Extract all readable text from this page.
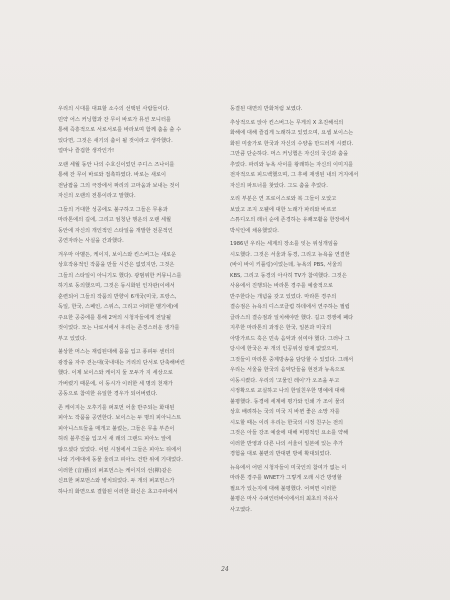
우리의 시대를 대표할 소수의 선택된 사람들이다.
민약 어스 커닝햄과 잔 무이 바로가 뮤션 모니터를
통해 즉흥적으로 서로서로를 바라보며 함께 춤을 출 수
있다면, 그것은 새기의 춤이 될 것이라고 생각했다.
얼마나 즐겁한 생각인가!
오랜 세월 동안 나의 수호신이었던 주디스 즈나이를
통해 잔 무이 바로와 접촉하였다. 바로는 새로이
전남팝을 그의 극장에서 짜리의 고마움과 보내는 것이
자신의 오랜의 전통이라고 말했다.
그들의 거대한 성공에도 불구하고 그들은 무용과
마라톤에의 길에, 그리고 엄청난 행운의 오랜 세월
동안에 자신의 개인적인 스타일을 개발한 전문적인
공연자라는 사실을 간과했다.
겨우마 아벨든, 케이지, 보이스와 킨스버그는 새로운
상호작용적인 작품을 만들 시간은 없었지만, 그것은
그들의 스타일이 아니기도 했다). 광범위한 커뮤니스를
하기로 동의했으며, 그것은 동시화된 인자관(이에서
훈련되어 그들의 작품의 반향이 6개국(미국, 프랑스,
독일, 한국, 스페인, 스위스, 그리고 어떠한 벨기에)에
주요한 공중에를 통해 2억의 시청자들에게 전달될
것이었다. 모는 나로서에서 우리는 존경스러운 생가를
부고 있었다.
불상한 머스는 재림된대해 몸을 입고 퐁피두 센터의
광장을 자주 걷는대(국내대는 거리의 단서로 단축해버린
했다. 이제 보이스와 케이지 둘 모두가 지 세상으로
가버렸기 때문에, 이 동시가 이러한 세 명의 천재가
공동으로 참여한 유일한 경우가 되어버렸다.
존 케이지는 오후기를 퍼포먼 어울 반주되는 화대된
피아노 작품을 공연한다. 보이스는 두 명의 피아니스트
피아니스트들을 매개고 불렀는, 그들은 무을 부쓴이
허리 블루진을 입고서 새 래의 그랜드 피아노 앞에
않으셨다 있었다. 어떤 시점에서 그들은 피아노 뒤에서
나와 기에대에 동물 울리고 피아노 건반 위에 기대었다.
이러한 (音)藝)의 퍼포먼스는 케이지의 선(禪)같은
신묘한 퍼포먼스와 병치되었다. 두 개의 퍼포먼스가
하나의 화면으로 결합된 이러한 화신은 초고주파에서
동결된 대면의 반화처럼 보였다.
추상적으로 앉아 킨스버그는 무게의 X 초진해석의
화해에 대해 즐겁게 노래하고 있었으며, 요셉 보이스는
화된 미술가로 한국과 자신의 수양을 만드러게 시켰다.
그만큼 단순하다. 머스 커닝햄은 자신의 국신과 춤을
추었다. 파리와 뉴욕 사이를 왕래하는 자신의 이미지를
전자적으로 피드백했으며, 그 후에 재생된 내의 거지에서
자신의 파트너를 찾았다. 그도 춤을 추었다.
오리 부분은 연 프로이스로와 복 그들이 오았고
보았고 조지 오웰에 대한 노래가 파리와 바르코
스튜디오의 래너 순에 존경하는 유쾌모활을 한장에서
박식인에 채용했었다.
1986년 우리는 세계의 장소를 잇는 위성개임을
시도했다. 그것은 서울과 동경, 그리고 뉴욕을 연결한
(바이 바이 키플링)이었는데, 뉴욕의 PBS, 서울의
KBS, 그리고 동경의 아사히 TV가 참여했다. 그것은
사용에서 진행되는 바라톤 경주를 예술적으로
반주한다는 개념을 갖고 있었다. 마라톤 경주의
결승점은 뉴욕의 디스코클럽 하데에서 연주하는 필립
글라스의 결승점과 일치해야만 했다. 길고 경쟁에 패다
지루한 마라톤의 과정은 한국, 일본과 미국의
아방가르드 혹은 민속 음악과 섞여야 했다. 그러나 그
당시에 한국은 두 개의 인공위성 탑재 없었으며,
그것들이 마라톤 중계방송을 담당할 수 있었다. 그래서
우리는 서울을 한국의 음악단들을 현전과 뉴욕으로
이동시켰다. 우리의 '고물인 레이'가 오조을 두고
시정확으로 교실하고 나의 한일친우한 명예에 대해
불평했다. 동경에 세계에 평가와 인쇄 가 조이 물의
상호 배려하는 국의 미국 지 바뀐 좋은 소망 자를
시도할 때는 이리 우리는 한국의 시정 친구는 전의
그것은 아들 강조 예술에 대해 비평적인 요소를 약해
이러한 반영과 다른 나의 서울이 일본에 있는 추가
경험을 대로 불편의 반대편 방에 확대되었다.
뉴욕에서 어떤 시청자들이 미국인의 참여가 없는 이
마라톤 경주를 WNET가 그렇게 오래 시간 방영할
필요가 있는지에 대해 불평했다. 어쩌면 이러한
불평은 마사 수퍼인터바이에서의 최초의 자유사
사고였다.
24
